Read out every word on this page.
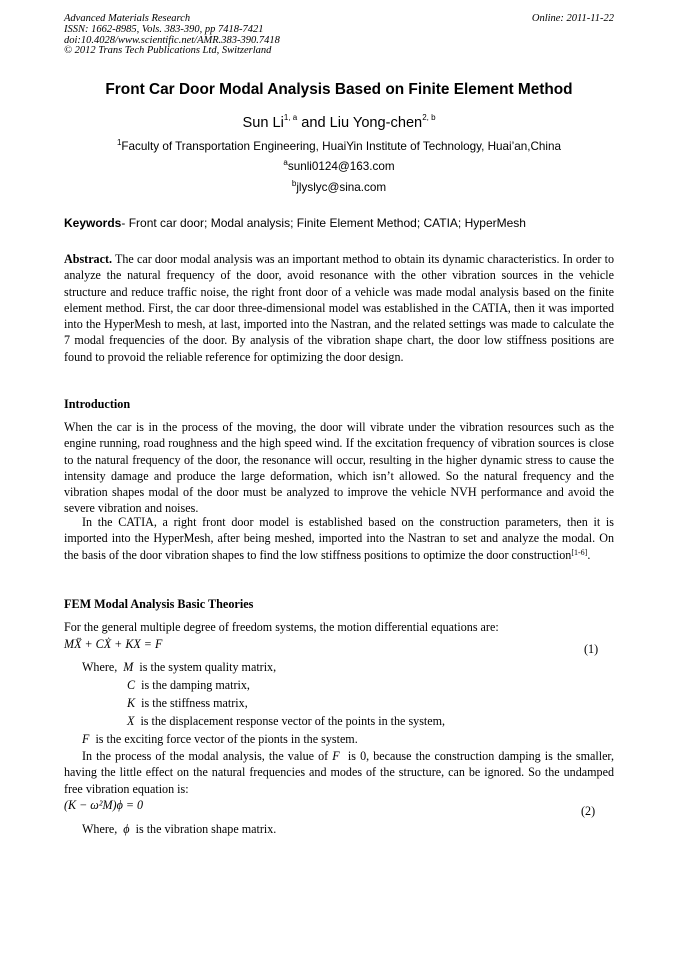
Advanced Materials Research
ISSN: 1662-8985, Vols. 383-390, pp 7418-7421
doi:10.4028/www.scientific.net/AMR.383-390.7418
© 2012 Trans Tech Publications Ltd, Switzerland
Online: 2011-11-22
Front Car Door Modal Analysis Based on Finite Element Method
Sun Li$^{1, a}$ and Liu Yong-chen$^{2, b}$
$^1$Faculty of Transportation Engineering, HuaiYin Institute of Technology, Huai’an,China
$^a$sunli0124@163.com
$^b$jlyslyc@sina.com
Keywords- Front car door; Modal analysis; Finite Element Method; CATIA; HyperMesh
Abstract. The car door modal analysis was an important method to obtain its dynamic characteristics. In order to analyze the natural frequency of the door, avoid resonance with the other vibration sources in the vehicle structure and reduce traffic noise, the right front door of a vehicle was made modal analysis based on the finite element method. First, the car door three-dimensional model was established in the CATIA, then it was imported into the HyperMesh to mesh, at last, imported into the Nastran, and the related settings was made to calculate the 7 modal frequencies of the door. By analysis of the vibration shape chart, the door low stiffness positions are found to provoid the reliable reference for optimizing the door design.
Introduction
When the car is in the process of the moving, the door will vibrate under the vibration resources such as the engine running, road roughness and the high speed wind. If the excitation frequency of vibration sources is close to the natural frequency of the door, the resonance will occur, resulting in the higher dynamic stress to cause the intensity damage and produce the large deformation, which isn’t allowed. So the natural frequency and the vibration shapes modal of the door must be analyzed to improve the vehicle NVH performance and avoid the severe vibration and noises.
In the CATIA, a right front door model is established based on the construction parameters, then it is imported into the HyperMesh, after being meshed, imported into the Nastran to set and analyze the modal. On the basis of the door vibration shapes to find the low stiffness positions to optimize the door construction[1-6].
FEM Modal Analysis Basic Theories
For the general multiple degree of freedom systems, the motion differential equations are:
MẌ + CẊ + KX = F	(1)
Where, M is the system quality matrix,
C is the damping matrix,
K is the stiffness matrix,
X is the displacement response vector of the points in the system,
F is the exciting force vector of the pionts in the system.
In the process of the modal analysis, the value of F is 0, because the construction damping is the smaller, having the little effect on the natural frequencies and modes of the structure, can be ignored. So the undamped free vibration equation is:
(K − ω²M)ϕ = 0	(2)
Where, ϕ is the vibration shape matrix.
